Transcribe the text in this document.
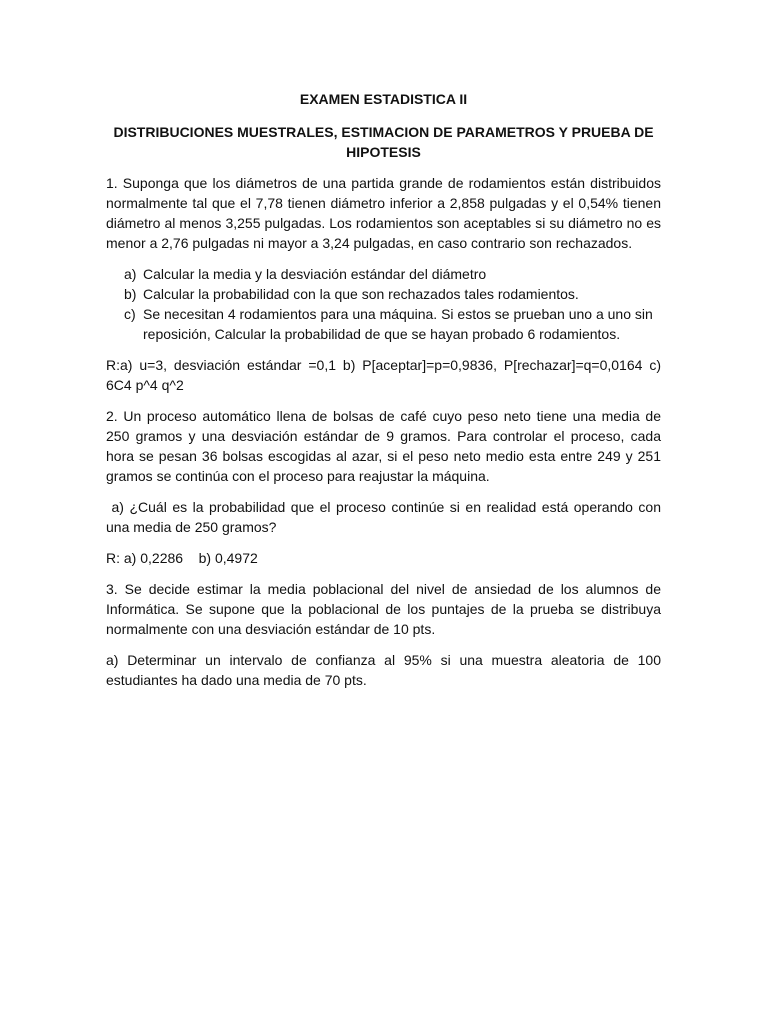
EXAMEN ESTADISTICA II
DISTRIBUCIONES MUESTRALES, ESTIMACION DE PARAMETROS Y PRUEBA DE
HIPOTESIS

1. Suponga que los diámetros de una partida grande de rodamientos están distribuidos normalmente tal que el 7,78 tienen diámetro inferior a 2,858 pulgadas y el 0,54% tienen diámetro al menos 3,255 pulgadas. Los rodamientos son aceptables si su diámetro no es menor a 2,76 pulgadas ni mayor a 3,24 pulgadas, en caso contrario son rechazados.

a) Calcular la media y la desviación estándar del diámetro
b) Calcular la probabilidad con la que son rechazados tales rodamientos.
c) Se necesitan 4 rodamientos para una máquina. Si estos se prueban uno a uno sin reposición, Calcular la probabilidad de que se hayan probado 6 rodamientos.

R:a) u=3, desviación estándar =0,1 b) P[aceptar]=p=0,9836, P[rechazar]=q=0,0164 c) 6C4 p^4 q^2

2. Un proceso automático llena de bolsas de café cuyo peso neto tiene una media de 250 gramos y una desviación estándar de 9 gramos. Para controlar el proceso, cada hora se pesan 36 bolsas escogidas al azar, si el peso neto medio esta entre 249 y 251 gramos se continúa con el proceso para reajustar la máquina.

a) ¿Cuál es la probabilidad que el proceso continúe si en realidad está operando con una media de 250 gramos?

R: a) 0,2286    b) 0,4972

3. Se decide estimar la media poblacional del nivel de ansiedad de los alumnos de Informática. Se supone que la poblacional de los puntajes de la prueba se distribuya normalmente con una desviación estándar de 10 pts.

a) Determinar un intervalo de confianza al 95% si una muestra aleatoria de 100 estudiantes ha dado una media de 70 pts.
